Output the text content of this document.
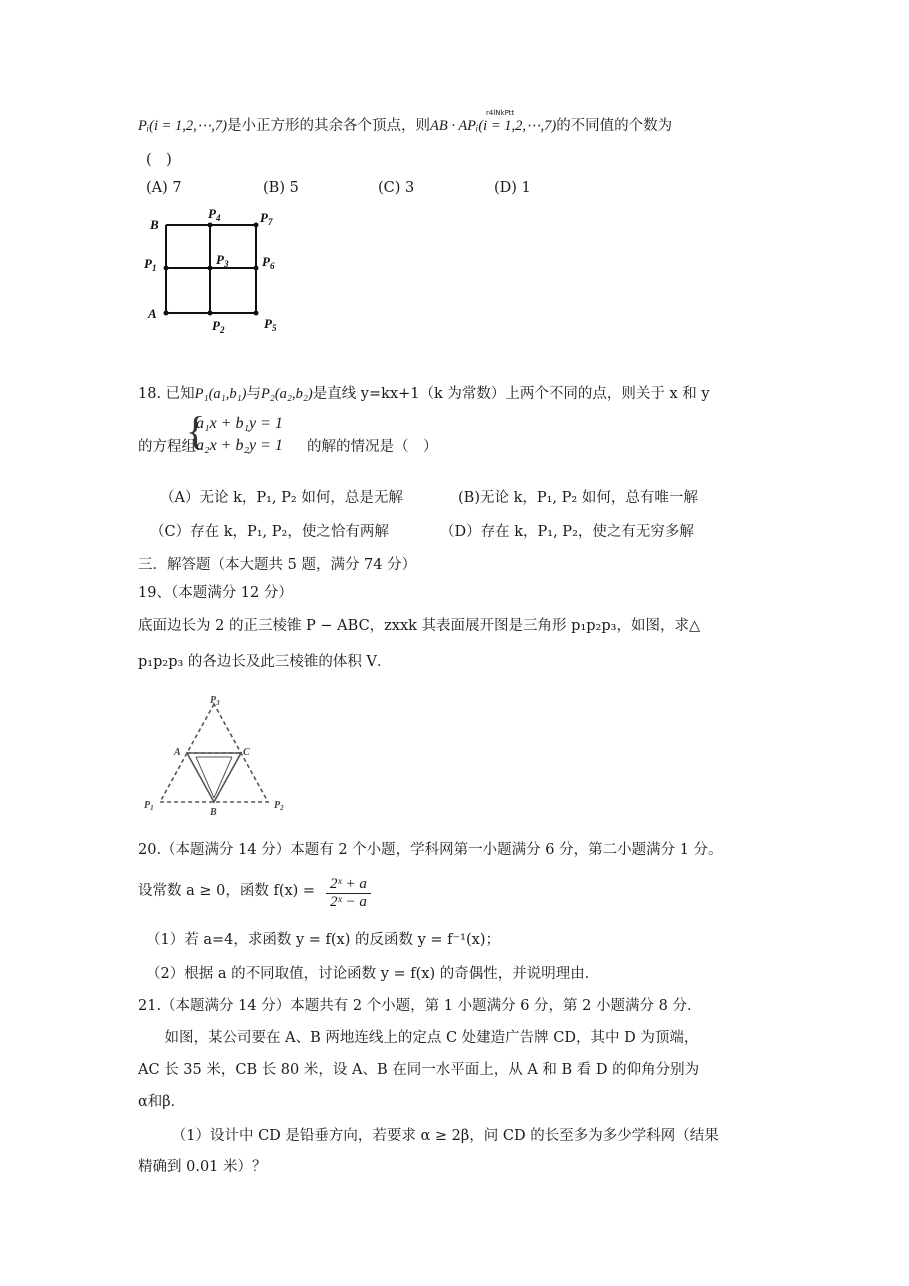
r4lNkPtt
Pᵢ(i = 1,2,⋯,7)是小正方形的其余各个顶点，则AB · APᵢ(i = 1,2,⋯,7)的不同值的个数为
(　)
(A) 7	(B) 5	(C) 3	(D) 1
B
A
$P_4$	$P_7$
$P_1$
$P_3$	$P_6$
$P_2$	$P_5$
18. 已知P₁(a₁,b₁)与P₂(a₂,b₂)是直线 y=kx+1（k 为常数）上两个不同的点，则关于 x 和 y
的方程组
{
a₁x + b₁y = 1
a₂x + b₂y = 1 的解的情况是（　）
（A）无论 k，P₁, P₂ 如何，总是无解	(B)无论 k，P₁, P₂ 如何，总有唯一解
（C）存在 k，P₁, P₂，使之恰有两解	（D）存在 k，P₁, P₂，使之有无穷多解
三．解答题（本大题共 5 题，满分 74 分）
19、（本题满分 12 分）
底面边长为 2 的正三棱锥 P − ABC，zxxk 其表面展开图是三角形 p₁p₂p₃，如图，求△
p₁p₂p₃ 的各边长及此三棱锥的体积 V．
$P_3$
A	C
B
$P_1$	$P_2$
20.（本题满分 14 分）本题有 2 个小题，学科网第一小题满分 6 分，第二小题满分 1 分。
设常数 a ≥ 0，函数 $f(x) = \frac{\text{2ˣ + a}}{\text{2ˣ − a}}$
（1）若 a=4，求函数 y = f(x) 的反函数 y = f⁻¹(x)；
（2）根据 a 的不同取值，讨论函数 y = f(x) 的奇偶性，并说明理由．
21.（本题满分 14 分）本题共有 2 个小题，第 1 小题满分 6 分，第 2 小题满分 8 分．
　如图，某公司要在 A、B 两地连线上的定点 C 处建造广告牌 CD，其中 D 为顶端，
AC 长 35 米，CB 长 80 米，设 A、B 在同一水平面上，从 A 和 B 看 D 的仰角分别为
α和β．
　　（1）设计中 CD 是铅垂方向，若要求 α ≥ 2β，问 CD 的长至多为多少学科网（结果
精确到 0.01 米）？
